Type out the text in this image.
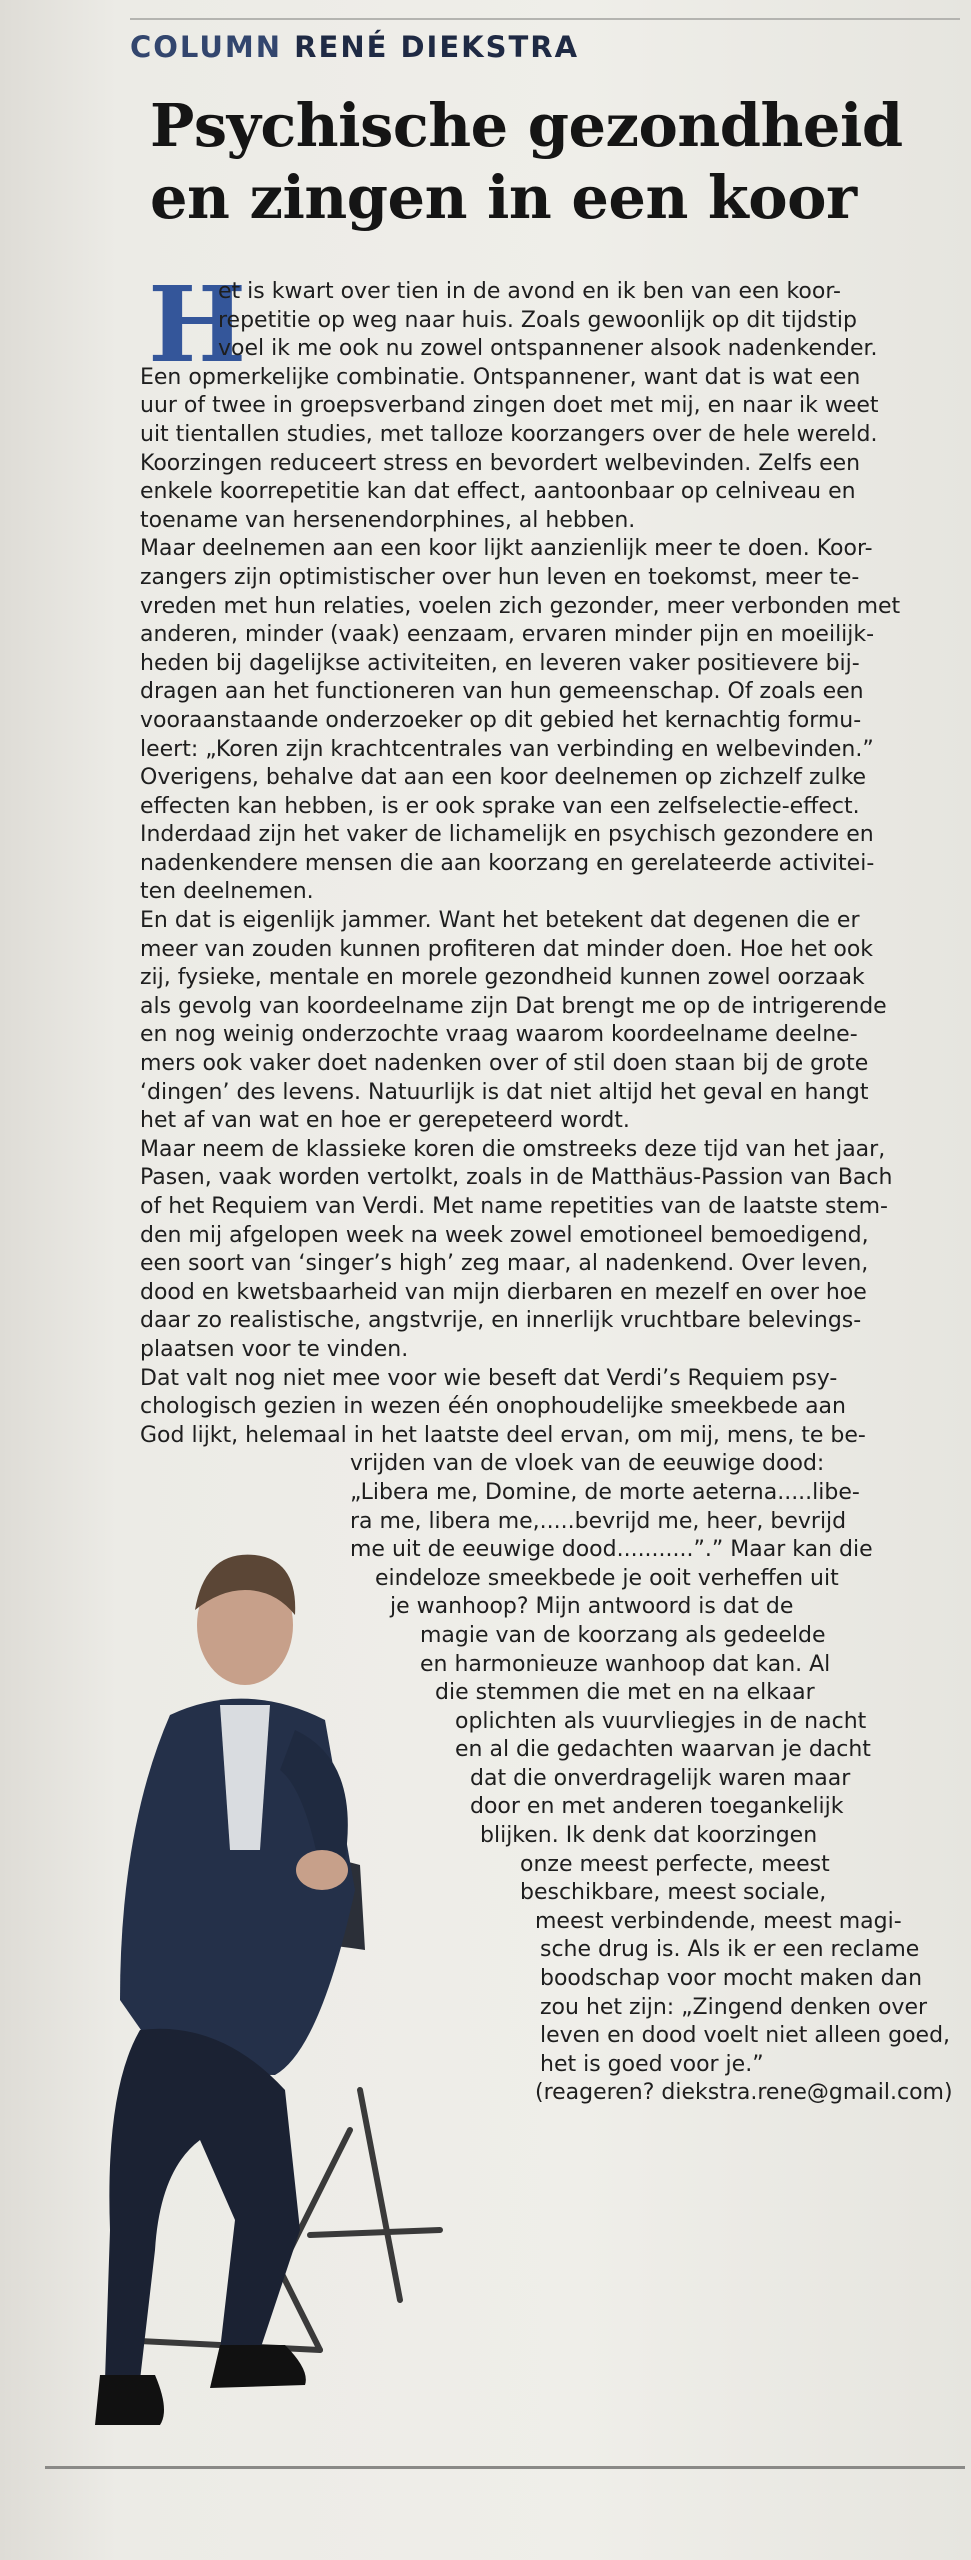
COLUMN RENÉ DIEKSTRA
Psychische gezondheid
en zingen in een koor
H
et is kwart over tien in de avond en ik ben van een koor-
repetitie op weg naar huis. Zoals gewoonlijk op dit tijdstip
voel ik me ook nu zowel ontspannener alsook nadenkender.
Een opmerkelijke combinatie. Ontspannener, want dat is wat een
uur of twee in groepsverband zingen doet met mij, en naar ik weet
uit tientallen studies, met talloze koorzangers over de hele wereld.
Koorzingen reduceert stress en bevordert welbevinden. Zelfs een
enkele koorrepetitie kan dat effect, aantoonbaar op celniveau en
toename van hersenendorphines, al hebben.
Maar deelnemen aan een koor lijkt aanzienlijk meer te doen. Koor-
zangers zijn optimistischer over hun leven en toekomst, meer te-
vreden met hun relaties, voelen zich gezonder, meer verbonden met
anderen, minder (vaak) eenzaam, ervaren minder pijn en moeilijk-
heden bij dagelijkse activiteiten, en leveren vaker positievere bij-
dragen aan het functioneren van hun gemeenschap. Of zoals een
vooraanstaande onderzoeker op dit gebied het kernachtig formu-
leert: „Koren zijn krachtcentrales van verbinding en welbevinden.”
Overigens, behalve dat aan een koor deelnemen op zichzelf zulke
effecten kan hebben, is er ook sprake van een zelfselectie-effect.
Inderdaad zijn het vaker de lichamelijk en psychisch gezondere en
nadenkendere mensen die aan koorzang en gerelateerde activitei-
ten deelnemen.
En dat is eigenlijk jammer. Want het betekent dat degenen die er
meer van zouden kunnen profiteren dat minder doen. Hoe het ook
zij, fysieke, mentale en morele gezondheid kunnen zowel oorzaak
als gevolg van koordeelname zijn Dat brengt me op de intrigerende
en nog weinig onderzochte vraag waarom koordeelname deelne-
mers ook vaker doet nadenken over of stil doen staan bij de grote
‘dingen’ des levens. Natuurlijk is dat niet altijd het geval en hangt
het af van wat en hoe er gerepeteerd wordt.
Maar neem de klassieke koren die omstreeks deze tijd van het jaar,
Pasen, vaak worden vertolkt, zoals in de Matthäus-Passion van Bach
of het Requiem van Verdi. Met name repetities van de laatste stem-
den mij afgelopen week na week zowel emotioneel bemoedigend,
een soort van ‘singer’s high’ zeg maar, al nadenkend. Over leven,
dood en kwetsbaarheid van mijn dierbaren en mezelf en over hoe
daar zo realistische, angstvrije, en innerlijk vruchtbare belevings-
plaatsen voor te vinden.
Dat valt nog niet mee voor wie beseft dat Verdi’s Requiem psy-
chologisch gezien in wezen één onophoudelijke smeekbede aan
God lijkt, helemaal in het laatste deel ervan, om mij, mens, te be-
vrijden van de vloek van de eeuwige dood:
„Libera me, Domine, de morte aeterna.....libe-
ra me, libera me,.....bevrijd me, heer, bevrijd
me uit de eeuwige dood...........”.” Maar kan die
eindeloze smeekbede je ooit verheffen uit
je wanhoop? Mijn antwoord is dat de
magie van de koorzang als gedeelde
en harmonieuze wanhoop dat kan. Al
die stemmen die met en na elkaar
oplichten als vuurvliegjes in de nacht
en al die gedachten waarvan je dacht
dat die onverdragelijk waren maar
door en met anderen toegankelijk
blijken. Ik denk dat koorzingen
onze meest perfecte, meest
beschikbare, meest sociale,
meest verbindende, meest magi-
sche drug is. Als ik er een reclame
boodschap voor mocht maken dan
zou het zijn: „Zingend denken over
leven en dood voelt niet alleen goed,
het is goed voor je.”
(reageren? diekstra.rene@gmail.com)
